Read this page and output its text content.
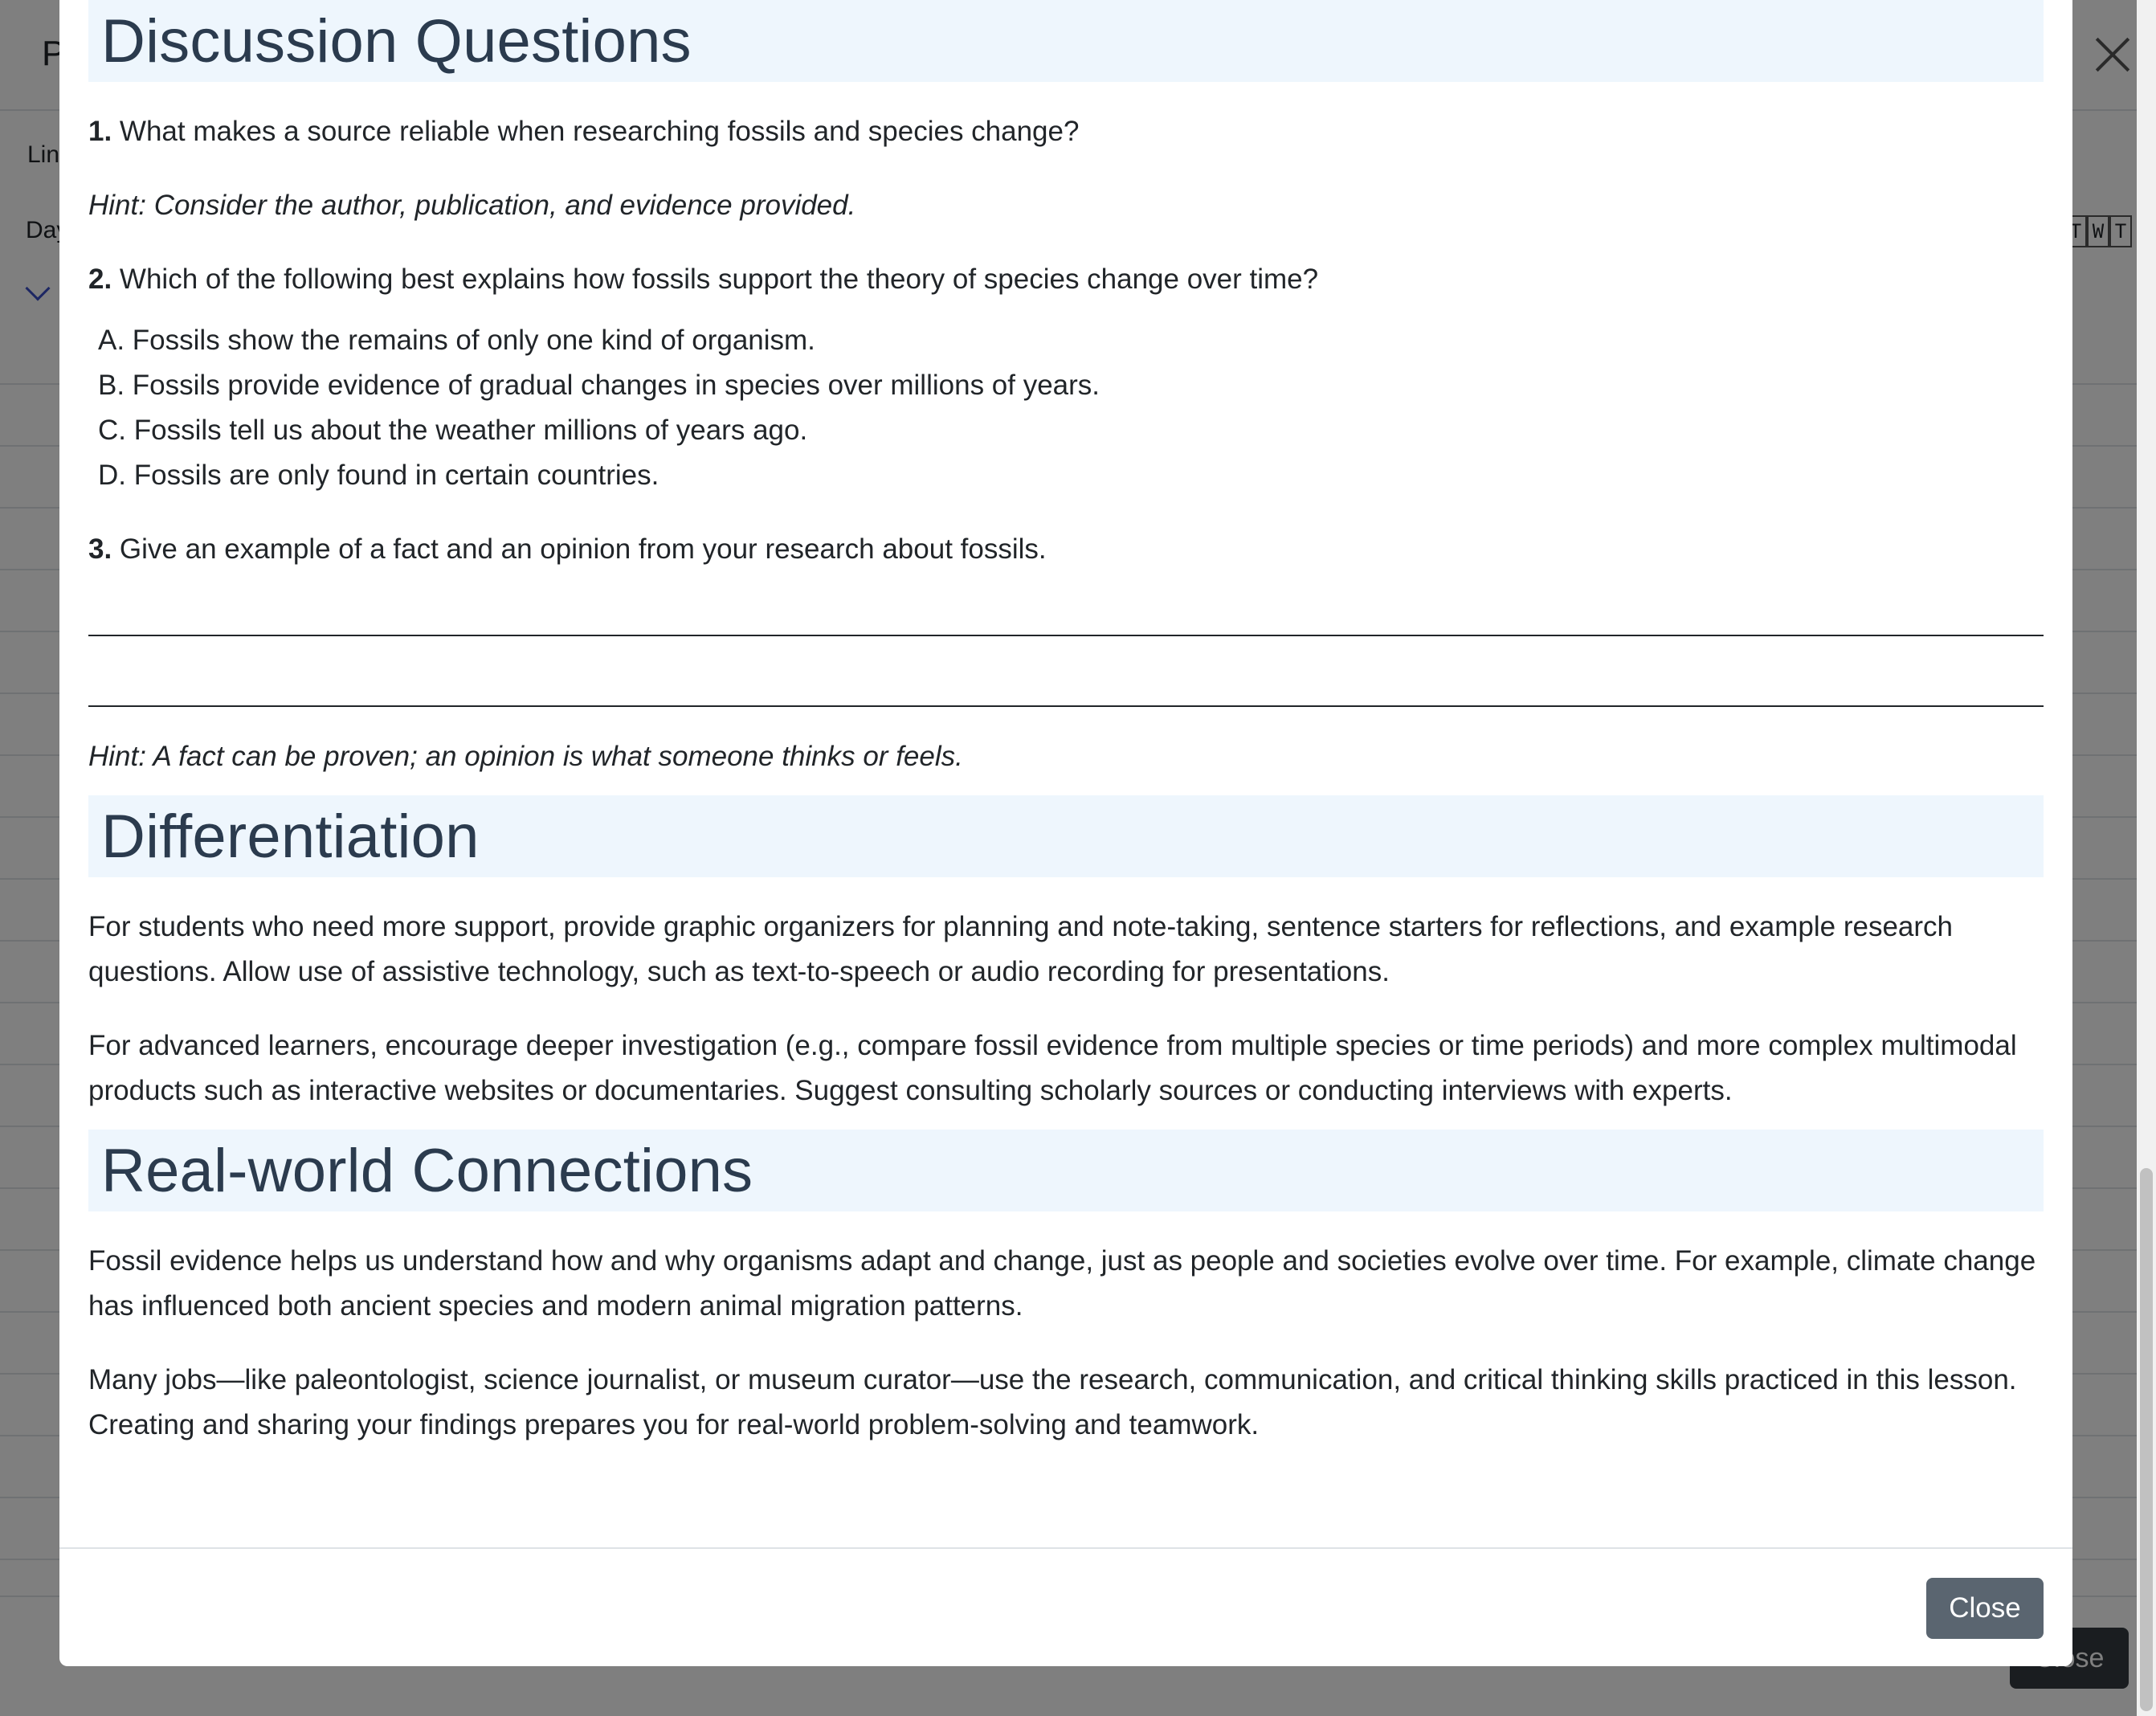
Discussion Questions

1. What makes a source reliable when researching fossils and species change?

Hint: Consider the author, publication, and evidence provided.

2. Which of the following best explains how fossils support the theory of species change over time?

A. Fossils show the remains of only one kind of organism.
B. Fossils provide evidence of gradual changes in species over millions of years.
C. Fossils tell us about the weather millions of years ago.
D. Fossils are only found in certain countries.

3. Give an example of a fact and an opinion from your research about fossils.

Hint: A fact can be proven; an opinion is what someone thinks or feels.

Differentiation

For students who need more support, provide graphic organizers for planning and note-taking, sentence starters for reflections, and example research questions. Allow use of assistive technology, such as text-to-speech or audio recording for presentations.

For advanced learners, encourage deeper investigation (e.g., compare fossil evidence from multiple species or time periods) and more complex multimodal products such as interactive websites or documentaries. Suggest consulting scholarly sources or conducting interviews with experts.

Real-world Connections

Fossil evidence helps us understand how and why organisms adapt and change, just as people and societies evolve over time. For example, climate change has influenced both ancient species and modern animal migration patterns.

Many jobs—like paleontologist, science journalist, or museum curator—use the research, communication, and critical thinking skills practiced in this lesson. Creating and sharing your findings prepares you for real-world problem-solving and teamwork.

Close
